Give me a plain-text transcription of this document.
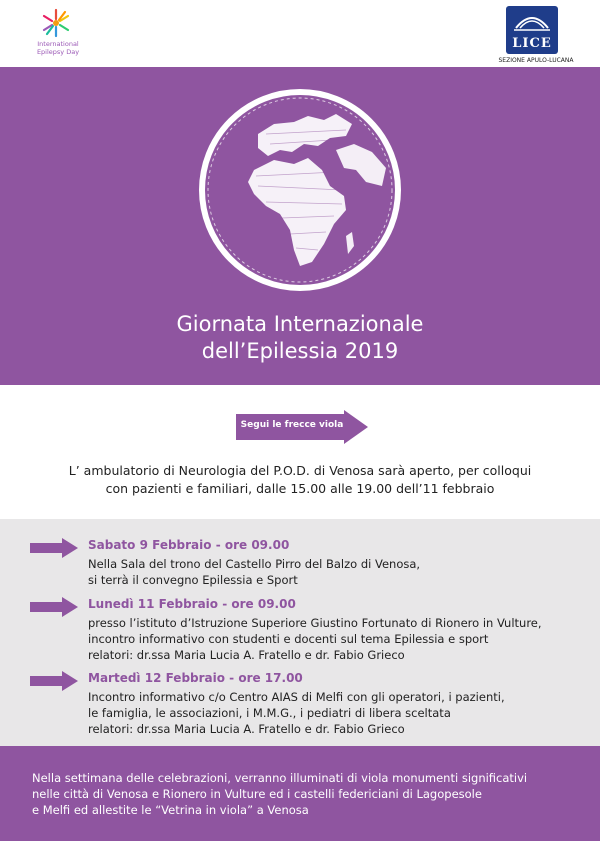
International
Epilepsy Day
LICE
SEZIONE APULO-LUCANA
Giornata Internazionale
dell’Epilessia 2019
Segui le frecce viola
L’ ambulatorio di Neurologia del P.O.D. di Venosa sarà aperto, per colloqui
con pazienti e familiari, dalle 15.00 alle 19.00 dell’11 febbraio
Sabato 9 Febbraio - ore 09.00
Nella Sala del trono del Castello Pirro del Balzo di Venosa,
si terrà il convegno Epilessia e Sport
Lunedì 11 Febbraio - ore 09.00
presso l’istituto d’Istruzione Superiore Giustino Fortunato di Rionero in Vulture,
incontro informativo con studenti e docenti sul tema Epilessia e sport
relatori: dr.ssa Maria Lucia A. Fratello e dr. Fabio Grieco
Martedì 12 Febbraio - ore 17.00
Incontro informativo c/o Centro AIAS di Melfi con gli operatori, i pazienti,
le famiglia, le associazioni, i M.M.G., i pediatri di libera sceltata
relatori: dr.ssa Maria Lucia A. Fratello e dr. Fabio Grieco
Nella settimana delle celebrazioni, verranno illuminati di viola monumenti significativi
nelle città di Venosa e Rionero in Vulture ed i castelli federiciani di Lagopesole
e Melfi ed allestite le “Vetrina in viola” a Venosa
